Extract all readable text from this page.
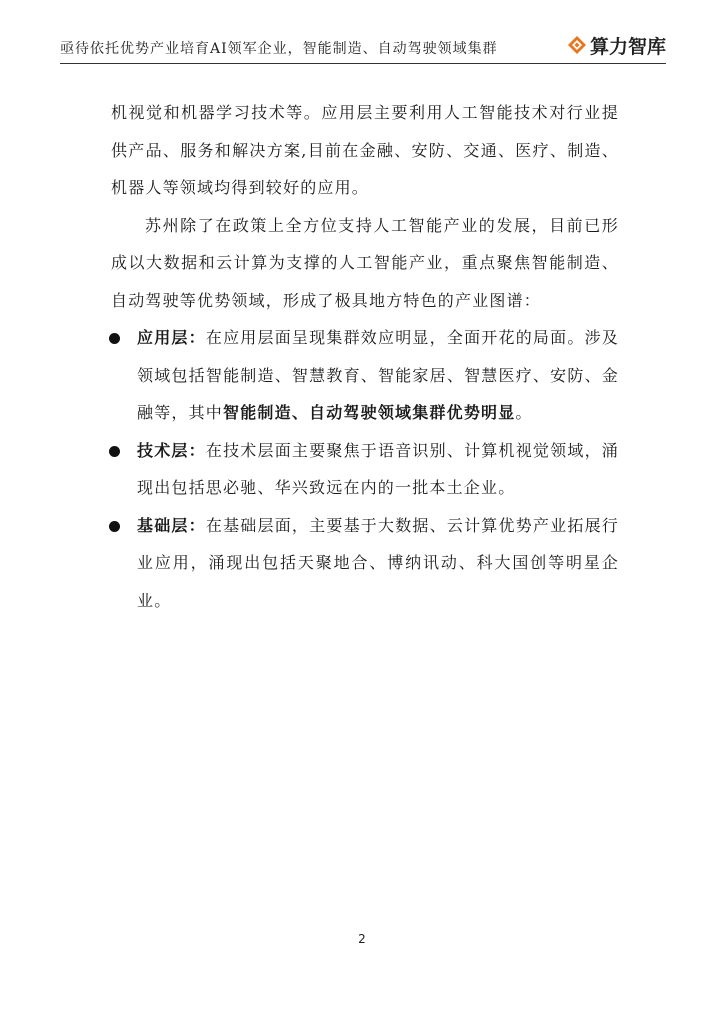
亟待依托优势产业培育AI领军企业，智能制造、自动驾驶领域集群	算力智库

机视觉和机器学习技术等。应用层主要利用人工智能技术对行业提供产品、服务和解决方案,目前在金融、安防、交通、医疗、制造、机器人等领域均得到较好的应用。

苏州除了在政策上全方位支持人工智能产业的发展，目前已形成以大数据和云计算为支撑的人工智能产业，重点聚焦智能制造、自动驾驶等优势领域，形成了极具地方特色的产业图谱：

应用层：在应用层面呈现集群效应明显，全面开花的局面。涉及领域包括智能制造、智慧教育、智能家居、智慧医疗、安防、金融等，其中智能制造、自动驾驶领域集群优势明显。
技术层：在技术层面主要聚焦于语音识别、计算机视觉领域，涌现出包括思必驰、华兴致远在内的一批本土企业。
基础层：在基础层面，主要基于大数据、云计算优势产业拓展行业应用，涌现出包括天聚地合、博纳讯动、科大国创等明星企业。
2
